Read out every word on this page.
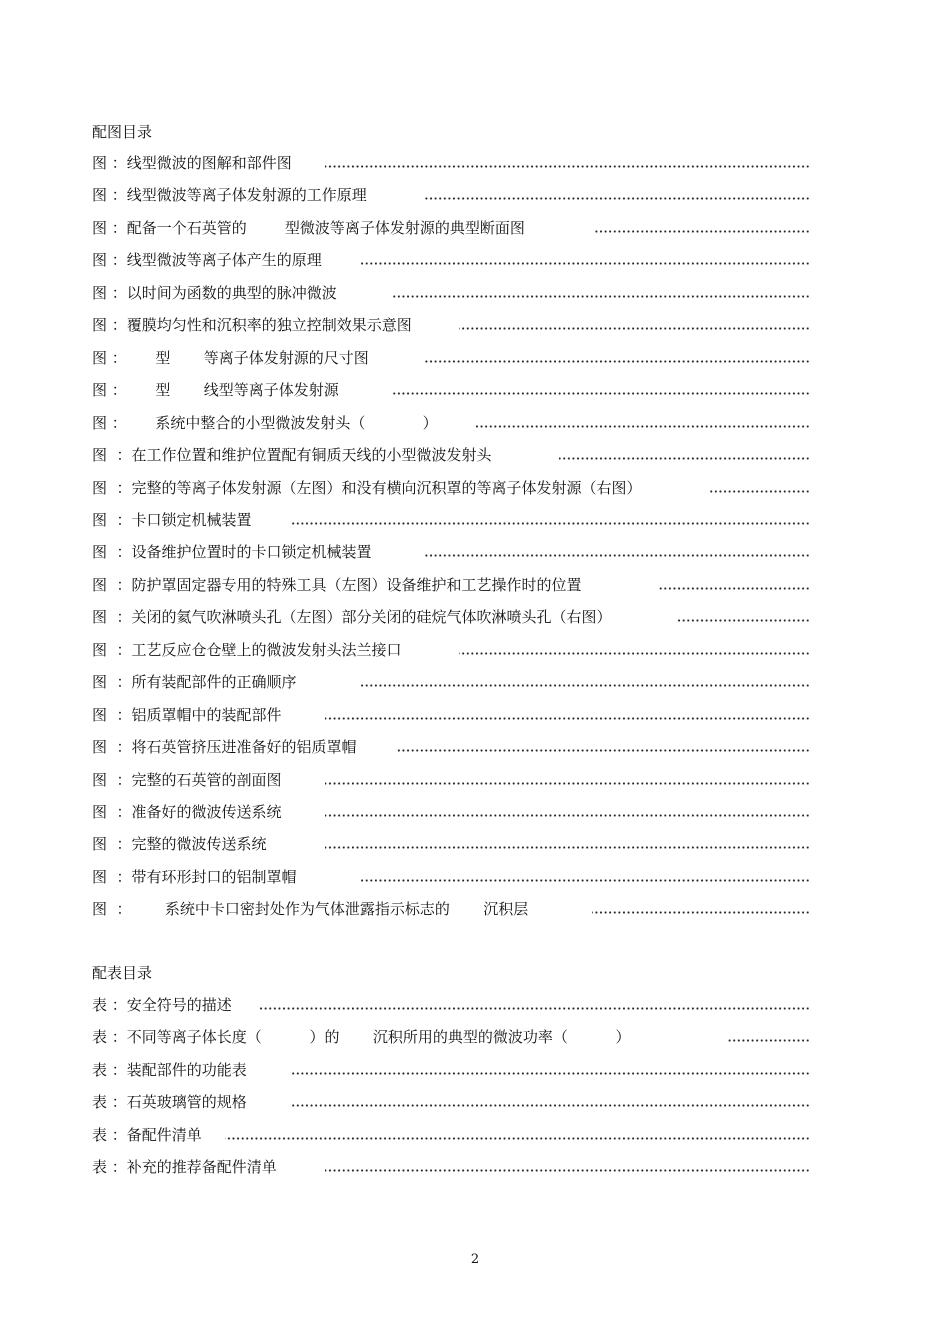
配图目录
图 ：线型微波的图解和部件图
图 ：线型微波等离子体发射源的工作原理
图 ：配备一个石英管的        型微波等离子体发射源的典型断面图
图 ：线型微波等离子体产生的原理
图 ：以时间为函数的典型的脉冲微波
图 ：覆膜均匀性和沉积率的独立控制效果示意图
图 ：      型       等离子体发射源的尺寸图
图 ：      型       线型等离子体发射源
图 ：      系统中整合的小型微波发射头（            ）
图  ：在工作位置和维护位置配有铜质天线的小型微波发射头
图  ：完整的等离子体发射源（左图）和没有横向沉积罩的等离子体发射源（右图）
图  ：卡口锁定机械装置
图  ：设备维护位置时的卡口锁定机械装置
图  ：防护罩固定器专用的特殊工具（左图）设备维护和工艺操作时的位置
图  ：关闭的氦气吹淋喷头孔（左图）部分关闭的硅烷气体吹淋喷头孔（右图）
图  ：工艺反应仓仓壁上的微波发射头法兰接口
图  ：所有装配部件的正确顺序
图  ：铝质罩帽中的装配部件
图  ：将石英管挤压进准备好的铝质罩帽
图  ：完整的石英管的剖面图
图  ：准备好的微波传送系统
图  ：完整的微波传送系统
图  ：带有环形封口的铝制罩帽
图  ：       系统中卡口密封处作为气体泄露指示标志的       沉积层
配表目录
表 ：安全符号的描述
表 ：不同等离子体长度（          ）的       沉积所用的典型的微波功率（          ）
表 ：装配部件的功能表
表 ：石英玻璃管的规格
表 ：备配件清单
表 ：补充的推荐备配件清单
2
